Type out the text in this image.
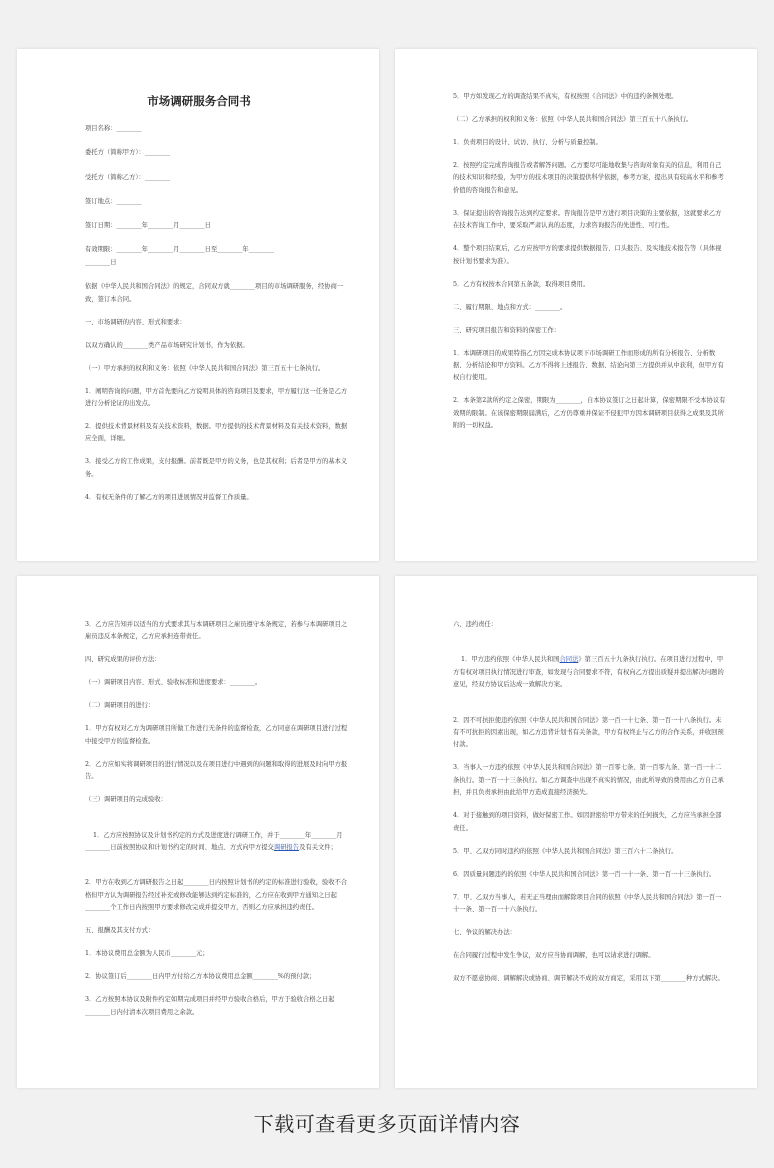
市场调研服务合同书
项目名称：________
委托方（简称甲方）：________
受托方（简称乙方）：________
签订地点：________
签订日期：________年________月________日
有效期限：________年________月________日至________年________
________日
依据《中华人民共和国合同法》的规定，合同双方就________项目的市场调研服务，经协商一致，签订本合同。
一、市场调研的内容、形式和要求：
以双方确认的________类产品市场研究计划书，作为依据。
（一）甲方承担的权利和义务：依照《中华人民共和国合同法》第三百五十七条执行。
1．阐明咨询的问题，甲方首先要向乙方说明具体的咨询项目及要求，甲方履行这一任务是乙方进行分析论证的出发点。
2．提供技术背景材料及有关技术资料，数据。甲方提供的技术背景材料及有关技术资料，数据应全面，详细。
3．接受乙方的工作成果，支付报酬。前者既是甲方的义务，也是其权利；后者是甲方的基本义务。
4．有权无条件的了解乙方的项目进展情况并监督工作质量。
5．甲方如发现乙方的调查结果不真实，有权按照《合同法》中的违约条例处理。
（二）乙方承担的权利和义务：依照《中华人民共和国合同法》第三百五十八条执行。
1．负责项目的设计、试访、执行、分析与质量控制。
2．按照约定完成咨询报告或者解答问题。乙方要尽可能地收集与咨询对象有关的信息，利用自己的技术知识和经验，为甲方的技术项目的决策提供科学依据，参考方案，提出具有较高水平和参考价值的咨询报告和意见。
3．保证提出的咨询报告达到约定要求。咨询报告是甲方进行项目决策的主要依据，这就要求乙方在技术咨询工作中，要采取严肃认真的态度，力求咨询报告的先进性、可行性。
4．整个项目结束后，乙方应按甲方的要求提供数据报告、口头报告、及实地技术报告等（具体视按计划书要求为准）。
5．乙方有权按本合同第五条款，取得项目费用。
二、履行期限、地点和方式：________。
三、研究项目报告和资料的保密工作：
1．本调研项目的成果特指乙方因完成本协议项下市场调研工作而形成的所有分析报告、分析数据、分析结论和甲方资料。乙方不得将上述报告、数据、结论向第三方提供并从中获利，但甲方有权自行使用。
2．本条第2款所约定之保密，期限为________，自本协议签订之日起计算，保密期限不受本协议有效期的限制。在该保密期限届满后，乙方仍尊重并保证不侵犯甲方因本调研项目获得之成果及其所附的一切权益。
3．乙方应告知并以适当的方式要求其与本调研项目之雇员遵守本条规定，若参与本调研项目之雇员违反本条规定，乙方应承担连带责任。
四、研究成果的评价方法：
（一）调研项目内容、形式、验收标准和进度要求：________。
（二）调研项目的进行：
1．甲方有权对乙方为调研项目所做工作进行无条件的监督检查，乙方同意在调研项目进行过程中接受甲方的监督检查。
2．乙方应如实将调研项目的进行情况以及在项目进行中遇到的问题和取得的进展及时向甲方报告。
（三）调研项目的完成验收：

1．乙方应按照协议及计划书约定的方式及进度进行调研工作，并于________年________月________日前按照协议和计划书约定的时间、地点、方式向甲方提交调研报告及有关文件；

2．甲方在收到乙方调研报告之日起________日内按照计划书的约定的标准进行验收，验收不合格但甲方认为调研报告经过补充或修改能够达到约定标准的，乙方应在收到甲方通知之日起________个工作日内按照甲方要求修改完成并提交甲方，否则乙方应承担违约责任。
五、报酬及其支付方式：
1．本协议费用总金额为人民币________元；
2．协议签订后________日内甲方付给乙方本协议费用总金额________%的预付款；
3．乙方按照本协议及附件约定如期完成项目并经甲方验收合格后，甲方于验收合格之日起________日内付清本次项目费用之余款。
六、违约责任：

1．甲方违约依照《中华人民共和国合同法》第三百五十九条执行执行。在项目进行过程中，甲方有权对项目执行情况进行审查，如发现与合同要求不符，有权向乙方提出质疑并提出解决问题的意见，经双方协议后达成一致解决方案。

2．因不可抗拒使违约依照《中华人民共和国合同法》第一百一十七条、第一百一十八条执行。未有不可抗拒的因素出现，如乙方违背计划书有关条款，甲方有权终止与乙方的合作关系，并收回预付款。
3．当事人一方违约依照《中华人民共和国合同法》第一百零七条、第一百零九条、第一百一十二条执行。第一百一十三条执行。如乙方调查中出现不真实的情况，由此所导致的费用由乙方自己承担，并且负责承担由此给甲方造成直接经济损失。
4．对于接触到的项目资料，做好保密工作。如因泄密给甲方带来的任何损失，乙方应当承担全部责任。
5．甲、乙双方同时违约的依照《中华人民共和国合同法》第三百六十二条执行。
6．因质量问题违约的依照《中华人民共和国合同法》第一百一十一条、第一百一十三条执行。
7．甲、乙双方当事人，若无正当理由而解除项目合同的依照《中华人民共和国合同法》第一百一十一条、第一百一十六条执行。
七、争议的解决办法：
在合同履行过程中发生争议，双方应当协商调解，也可以请求进行调解。
双方不愿意协商、调解解决或协商、调节解决不成的双方商定，采用以下第________种方式解决。
下载可查看更多页面详情内容
